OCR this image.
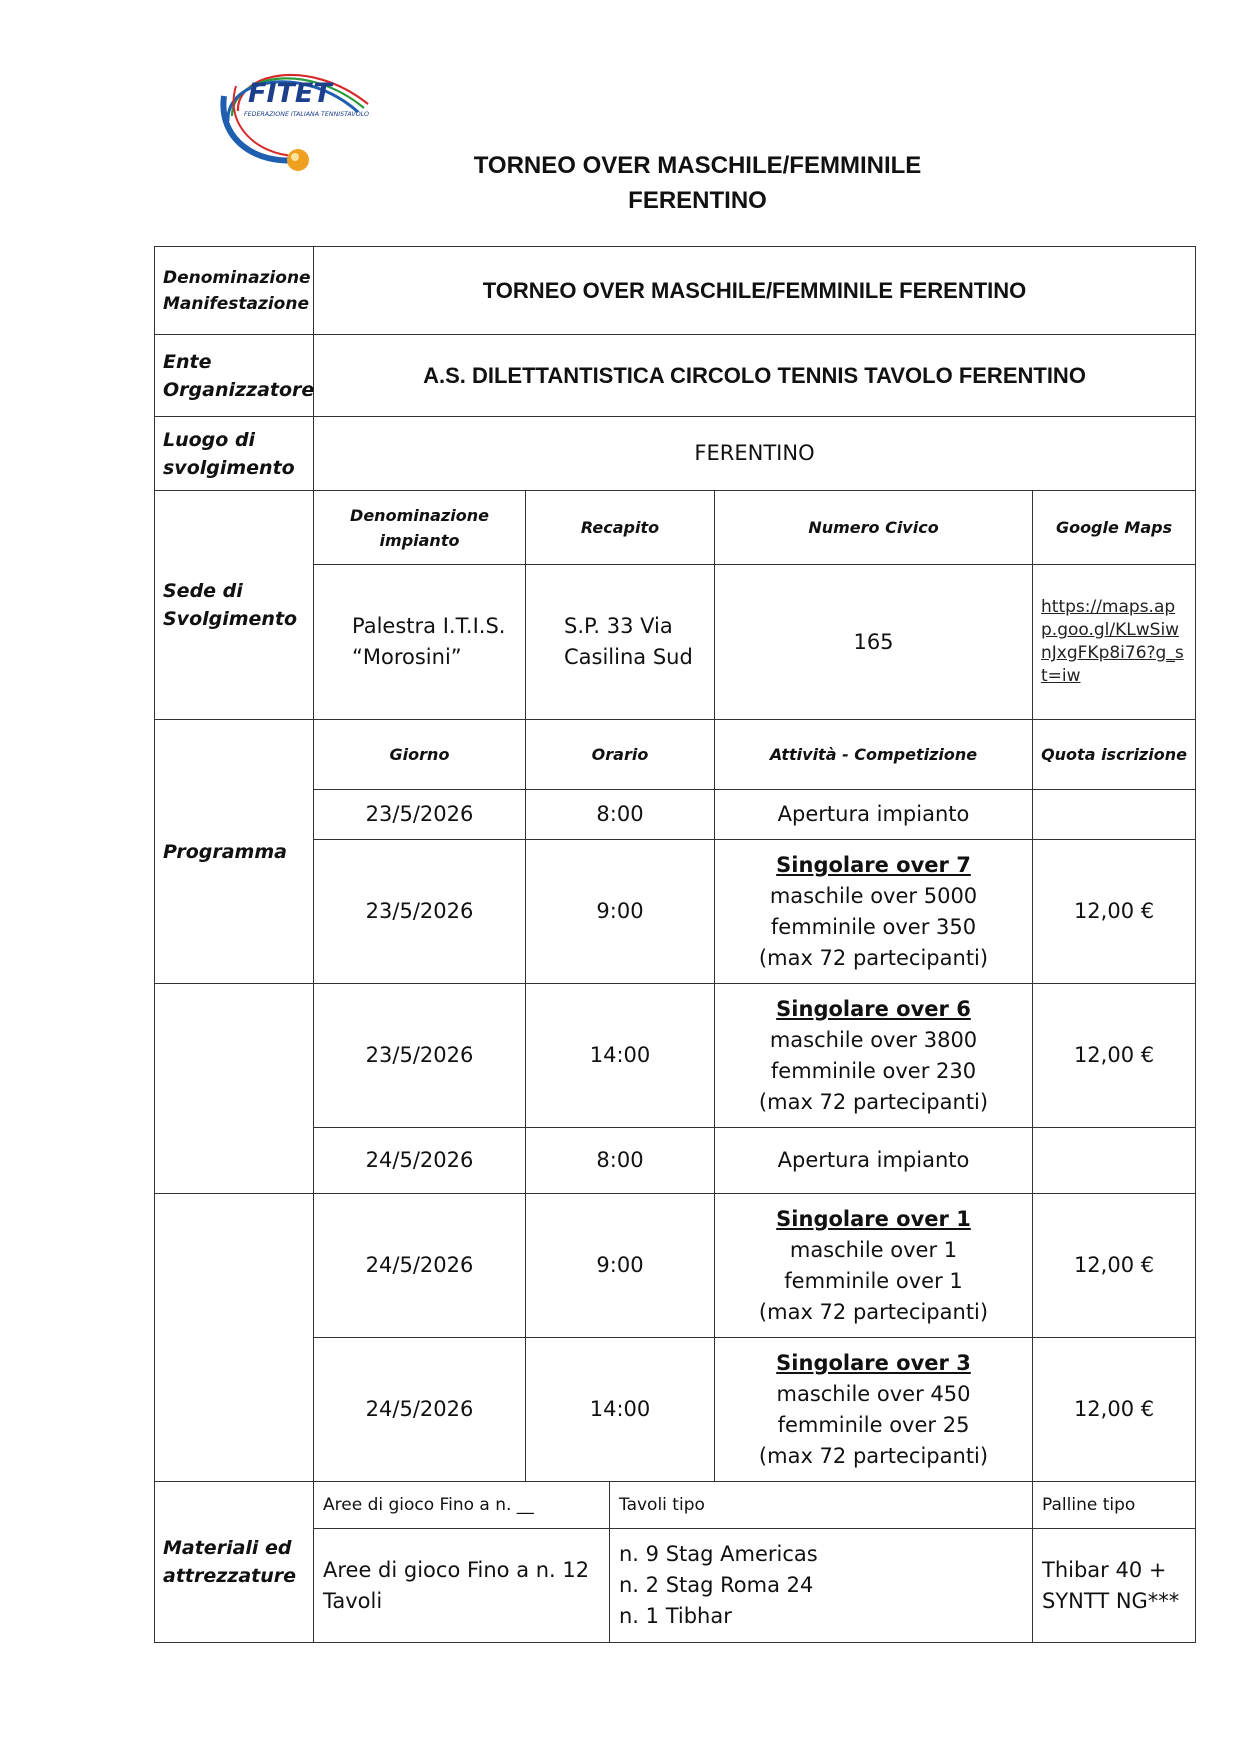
FITET
FEDERAZIONE ITALIANA TENNISTAVOLO
TORNEO OVER MASCHILE/FEMMINILE
FERENTINO
Denominazione Manifestazione	TORNEO OVER MASCHILE/FEMMINILE FERENTINO				
Ente Organizzatore	A.S. DILETTANTISTICA CIRCOLO TENNIS TAVOLO FERENTINO				
Luogo di svolgimento	FERENTINO				
Sede di Svolgimento	Denominazione impianto	Recapito		Numero Civico	Google Maps
	Palestra I.T.I.S. “Morosini”	S.P. 33 Via Casilina Sud		165	https://maps.app.goo.gl/KLwSiwnJxgFKp8i76?g_st=iw
Programma	Giorno	Orario		Attività - Competizione	Quota iscrizione
	23/5/2026	8:00		Apertura impianto	

	23/5/2026	9:00		Singolare over 7
maschile over 5000
femminile over 350
(max 72 partecipanti)	12,00 €
	23/5/2026	14:00		Singolare over 6
maschile over 3800
femminile over 230
(max 72 partecipanti)	12,00 €
	24/5/2026	8:00		Apertura impianto	

	24/5/2026	9:00		Singolare over 1
maschile over 1
femminile over 1
(max 72 partecipanti)	12,00 €
	24/5/2026	14:00		Singolare over 3
maschile over 450
femminile over 25
(max 72 partecipanti)	12,00 €
Materiali ed attrezzature	Aree di gioco Fino a n. __		Tavoli tipo		Palline tipo
	Aree di gioco Fino a n. 12 Tavoli		n. 9 Stag Americas
n. 2 Stag Roma 24
n. 1 Tibhar		Thibar 40 + SYNTT NG***
